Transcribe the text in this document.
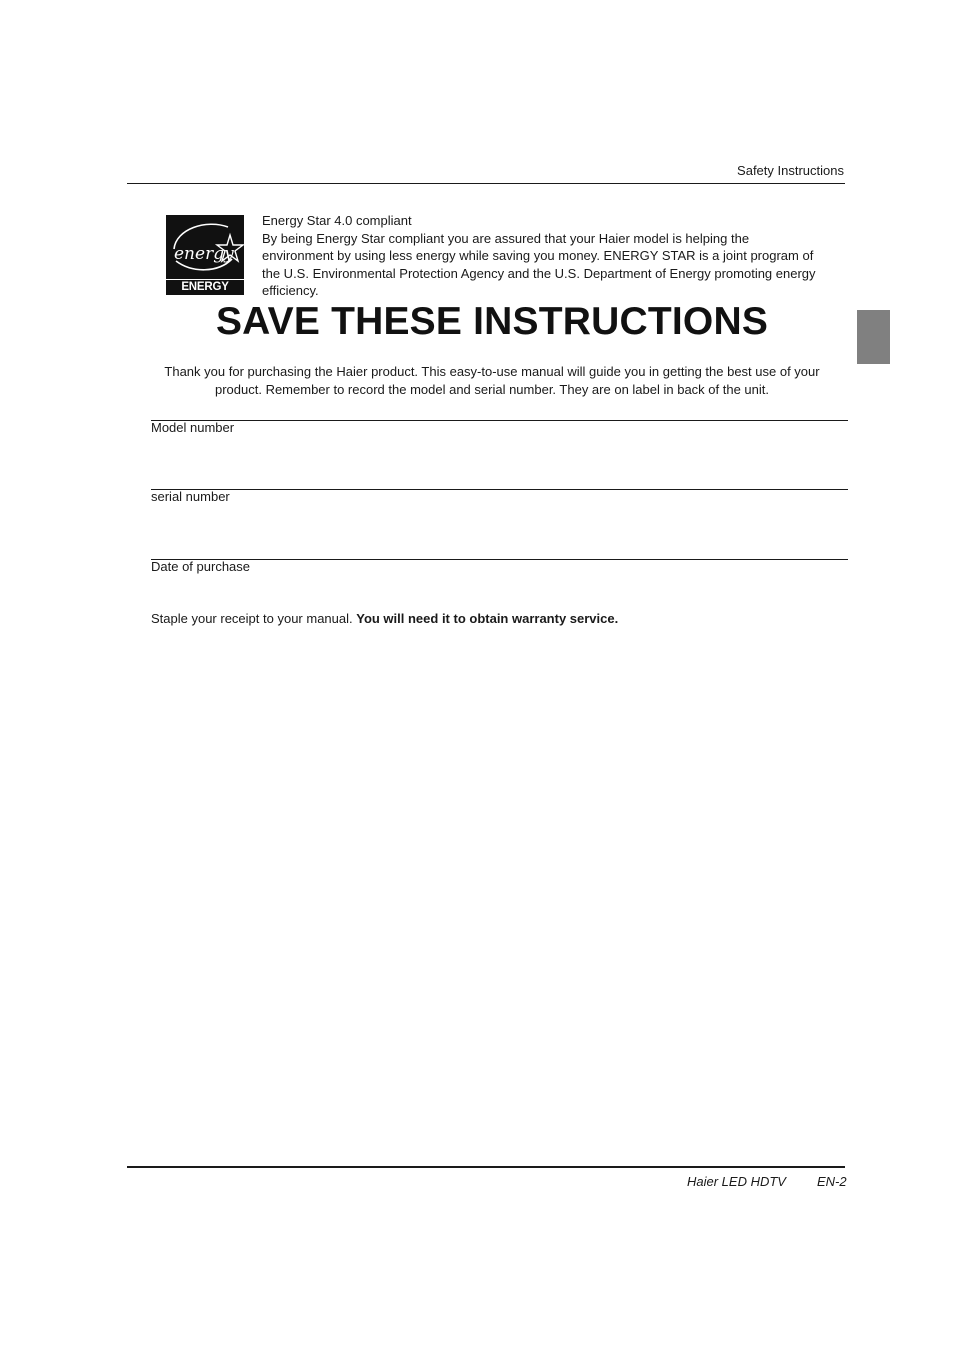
Safety Instructions
energy
ENERGY STAR
Energy Star 4.0 compliant
By being Energy Star compliant you are assured that your Haier model is helping the environment by using less energy while saving you money. ENERGY STAR is a joint program of the U.S. Environmental Protection Agency and the U.S. Department of Energy promoting energy efficiency.
SAVE THESE INSTRUCTIONS
Thank you for purchasing the Haier product. This easy-to-use manual will guide you in getting the best use of your product. Remember to record the model and serial number. They are on label in back of the unit.
Model number
serial number
Date of purchase
Staple your receipt to your manual. You will need it to obtain warranty service.
Haier LED HDTV EN-2
